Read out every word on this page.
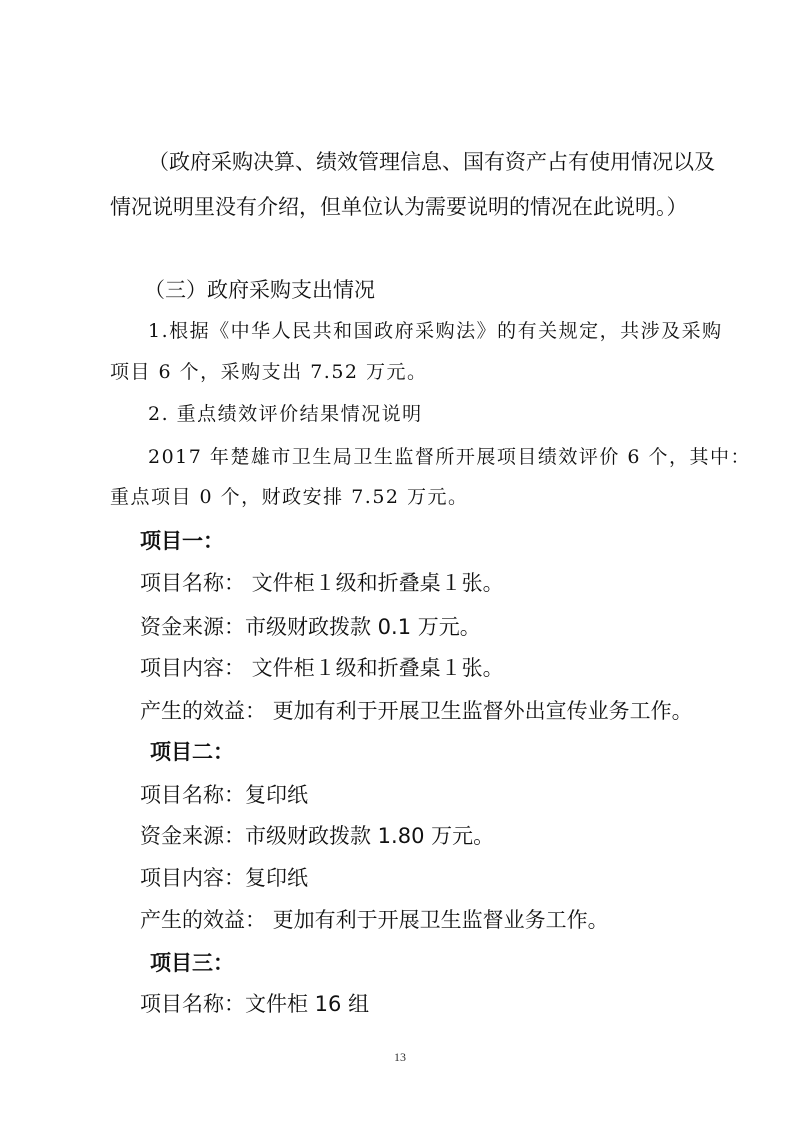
（政府采购决算、绩效管理信息、国有资产占有使用情况以及
情况说明里没有介绍，但单位认为需要说明的情况在此说明。）
（三）政府采购支出情况
1.根据《中华人民共和国政府采购法》的有关规定，共涉及采购
项目 6 个，采购支出 7.52 万元。
2. 重点绩效评价结果情况说明
2017 年楚雄市卫生局卫生监督所开展项目绩效评价 6 个，其中：
重点项目 0 个，财政安排 7.52 万元。
项目一：
项目名称： 文件柜１级和折叠桌１张。
资金来源：市级财政拨款 0.1 万元。
项目内容： 文件柜１级和折叠桌１张。
产生的效益： 更加有利于开展卫生监督外出宣传业务工作。
项目二：
项目名称：复印纸
资金来源：市级财政拨款 1.80 万元。
项目内容：复印纸
产生的效益： 更加有利于开展卫生监督业务工作。
项目三：
项目名称：文件柜 16 组
13
